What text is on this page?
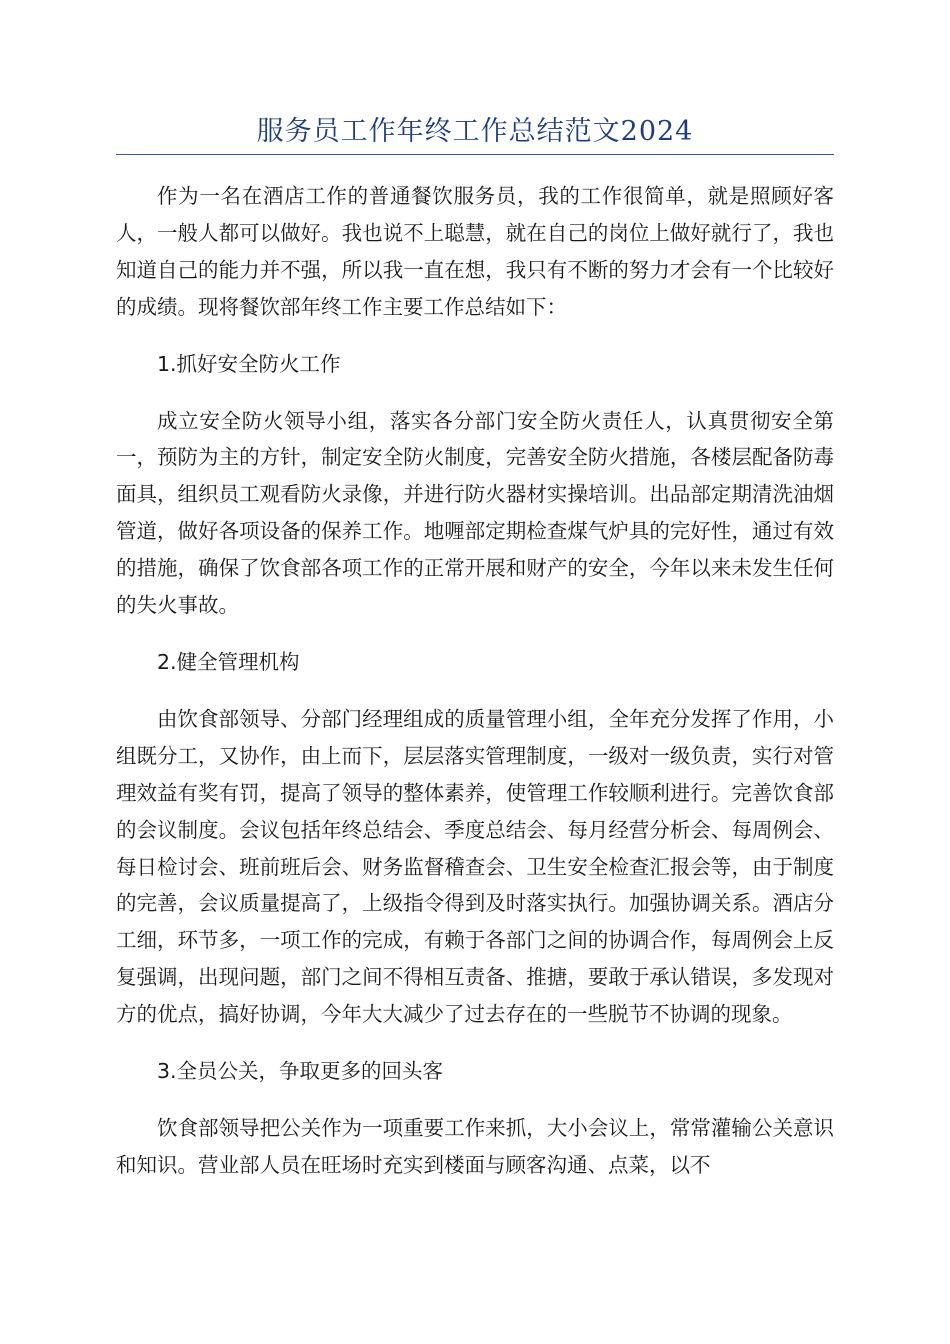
服务员工作年终工作总结范文2024

作为一名在酒店工作的普通餐饮服务员，我的工作很简单，就是照顾好客人，一般人都可以做好。我也说不上聪慧，就在自己的岗位上做好就行了，我也知道自己的能力并不强，所以我一直在想，我只有不断的努力才会有一个比较好的成绩。现将餐饮部年终工作主要工作总结如下：

1.抓好安全防火工作

成立安全防火领导小组，落实各分部门安全防火责任人，认真贯彻安全第一，预防为主的方针，制定安全防火制度，完善安全防火措施，各楼层配备防毒面具，组织员工观看防火录像，并进行防火器材实操培训。出品部定期清洗油烟管道，做好各项设备的保养工作。地喱部定期检查煤气炉具的完好性，通过有效的措施，确保了饮食部各项工作的正常开展和财产的安全，今年以来未发生任何的失火事故。

2.健全管理机构

由饮食部领导、分部门经理组成的质量管理小组，全年充分发挥了作用，小组既分工，又协作，由上而下，层层落实管理制度，一级对一级负责，实行对管理效益有奖有罚，提高了领导的整体素养，使管理工作较顺利进行。完善饮食部的会议制度。会议包括年终总结会、季度总结会、每月经营分析会、每周例会、每日检讨会、班前班后会、财务监督稽查会、卫生安全检查汇报会等，由于制度的完善，会议质量提高了，上级指令得到及时落实执行。加强协调关系。酒店分工细，环节多，一项工作的完成，有赖于各部门之间的协调合作，每周例会上反复强调，出现问题，部门之间不得相互责备、推搪，要敢于承认错误，多发现对方的优点，搞好协调，今年大大减少了过去存在的一些脱节不协调的现象。

3.全员公关，争取更多的回头客

饮食部领导把公关作为一项重要工作来抓，大小会议上，常常灌输公关意识和知识。营业部人员在旺场时充实到楼面与顾客沟通、点菜，以不
